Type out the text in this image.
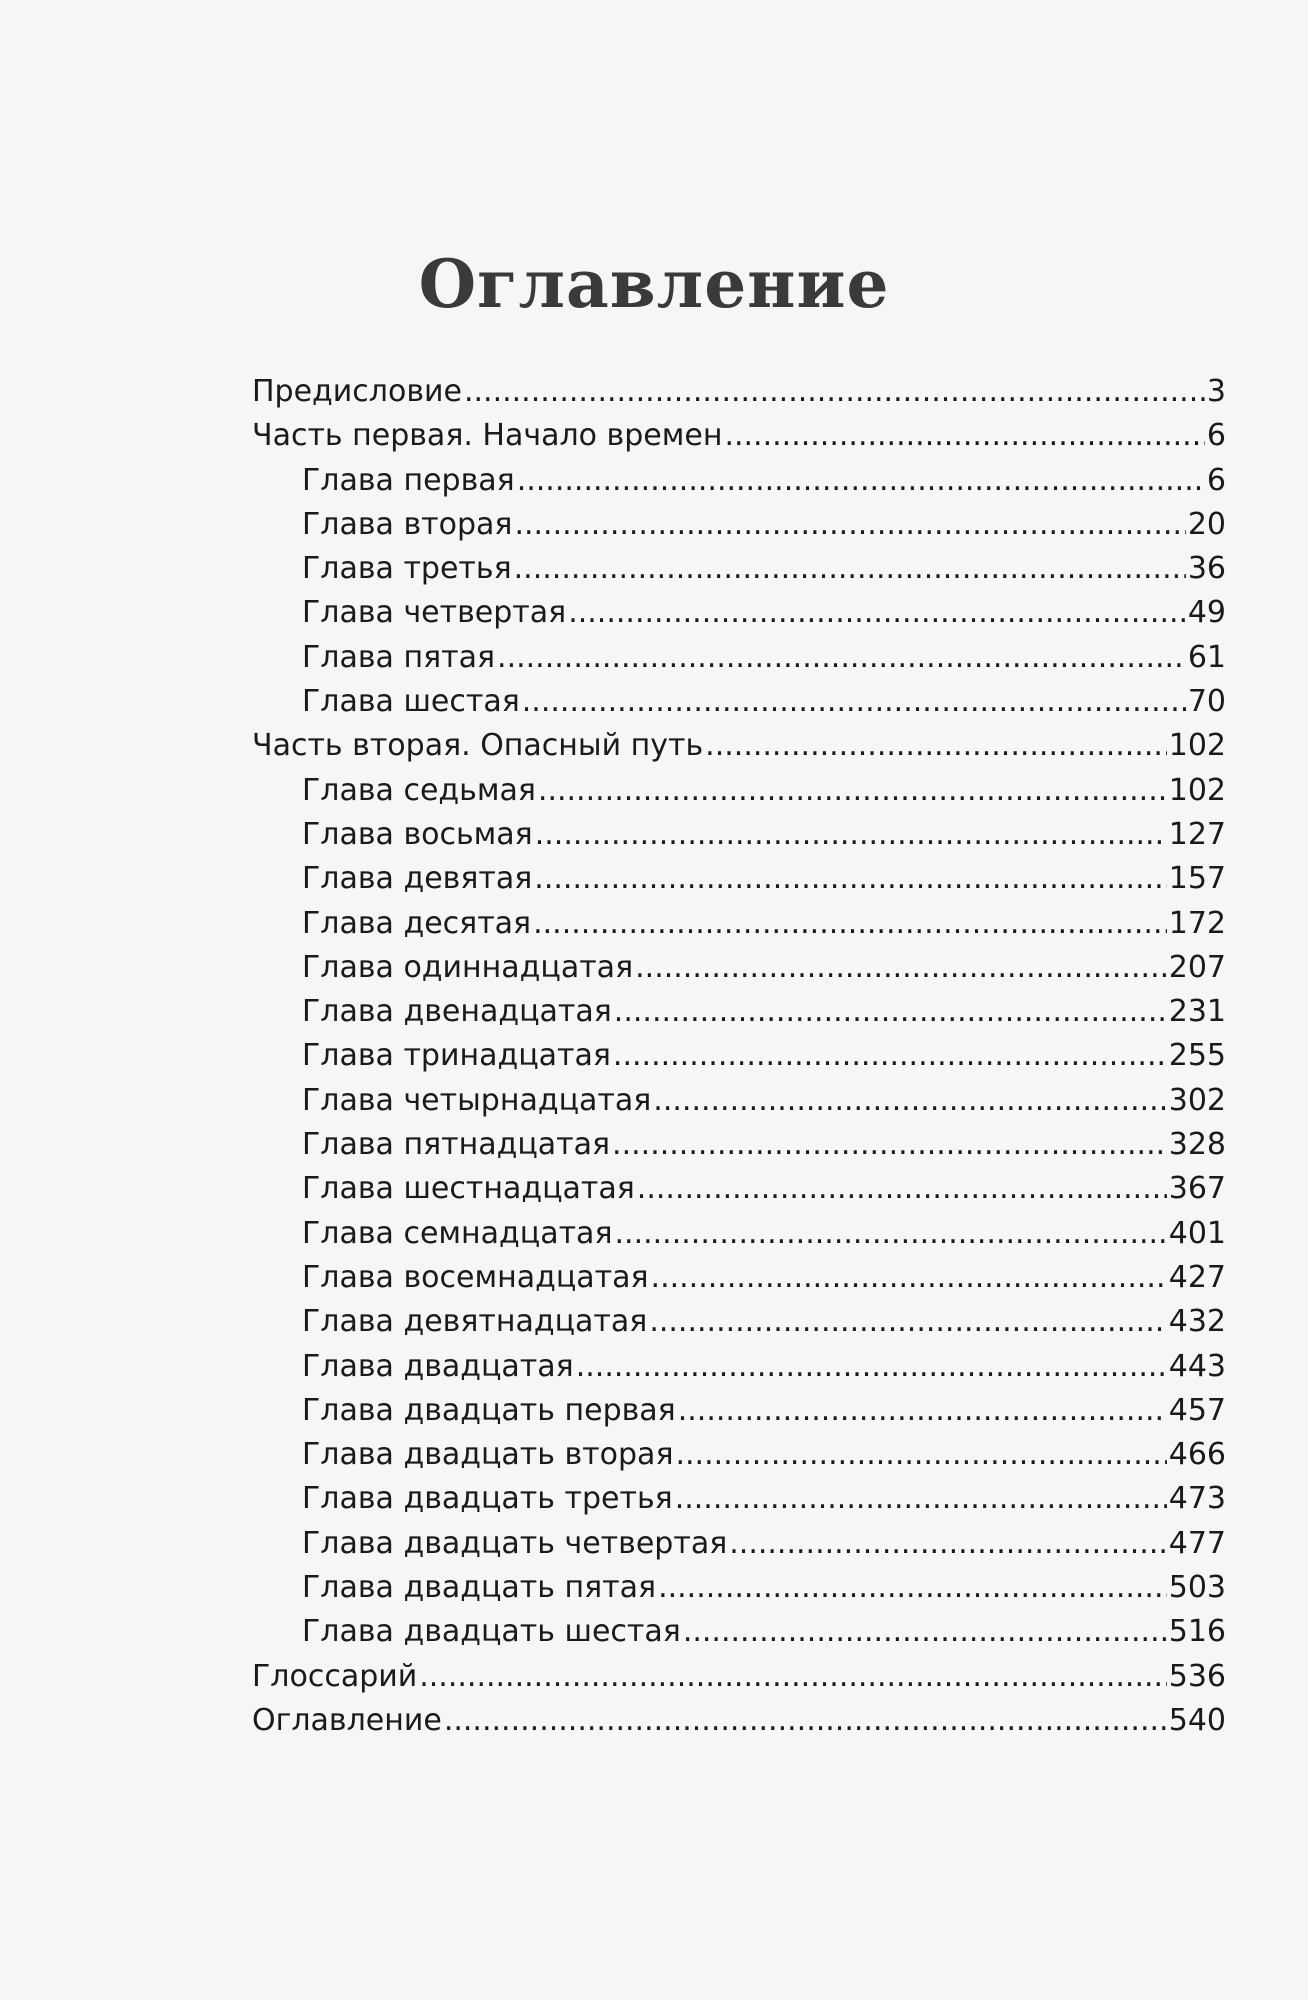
Оглавление
Предисловие .....	3
Часть первая. Начало времен .....	6
Глава первая .....	6
Глава вторая .....	20
Глава третья .....	36
Глава четвертая .....	49
Глава пятая .....	61
Глава шестая .....	70
Часть вторая. Опасный путь .....	102
Глава седьмая .....	102
Глава восьмая .....	127
Глава девятая .....	157
Глава десятая .....	172
Глава одиннадцатая .....	207
Глава двенадцатая .....	231
Глава тринадцатая .....	255
Глава четырнадцатая .....	302
Глава пятнадцатая .....	328
Глава шестнадцатая .....	367
Глава семнадцатая .....	401
Глава восемнадцатая .....	427
Глава девятнадцатая .....	432
Глава двадцатая .....	443
Глава двадцать первая .....	457
Глава двадцать вторая .....	466
Глава двадцать третья .....	473
Глава двадцать четвертая .....	477
Глава двадцать пятая .....	503
Глава двадцать шестая .....	516
Глоссарий .....	536
Оглавление .....	540
